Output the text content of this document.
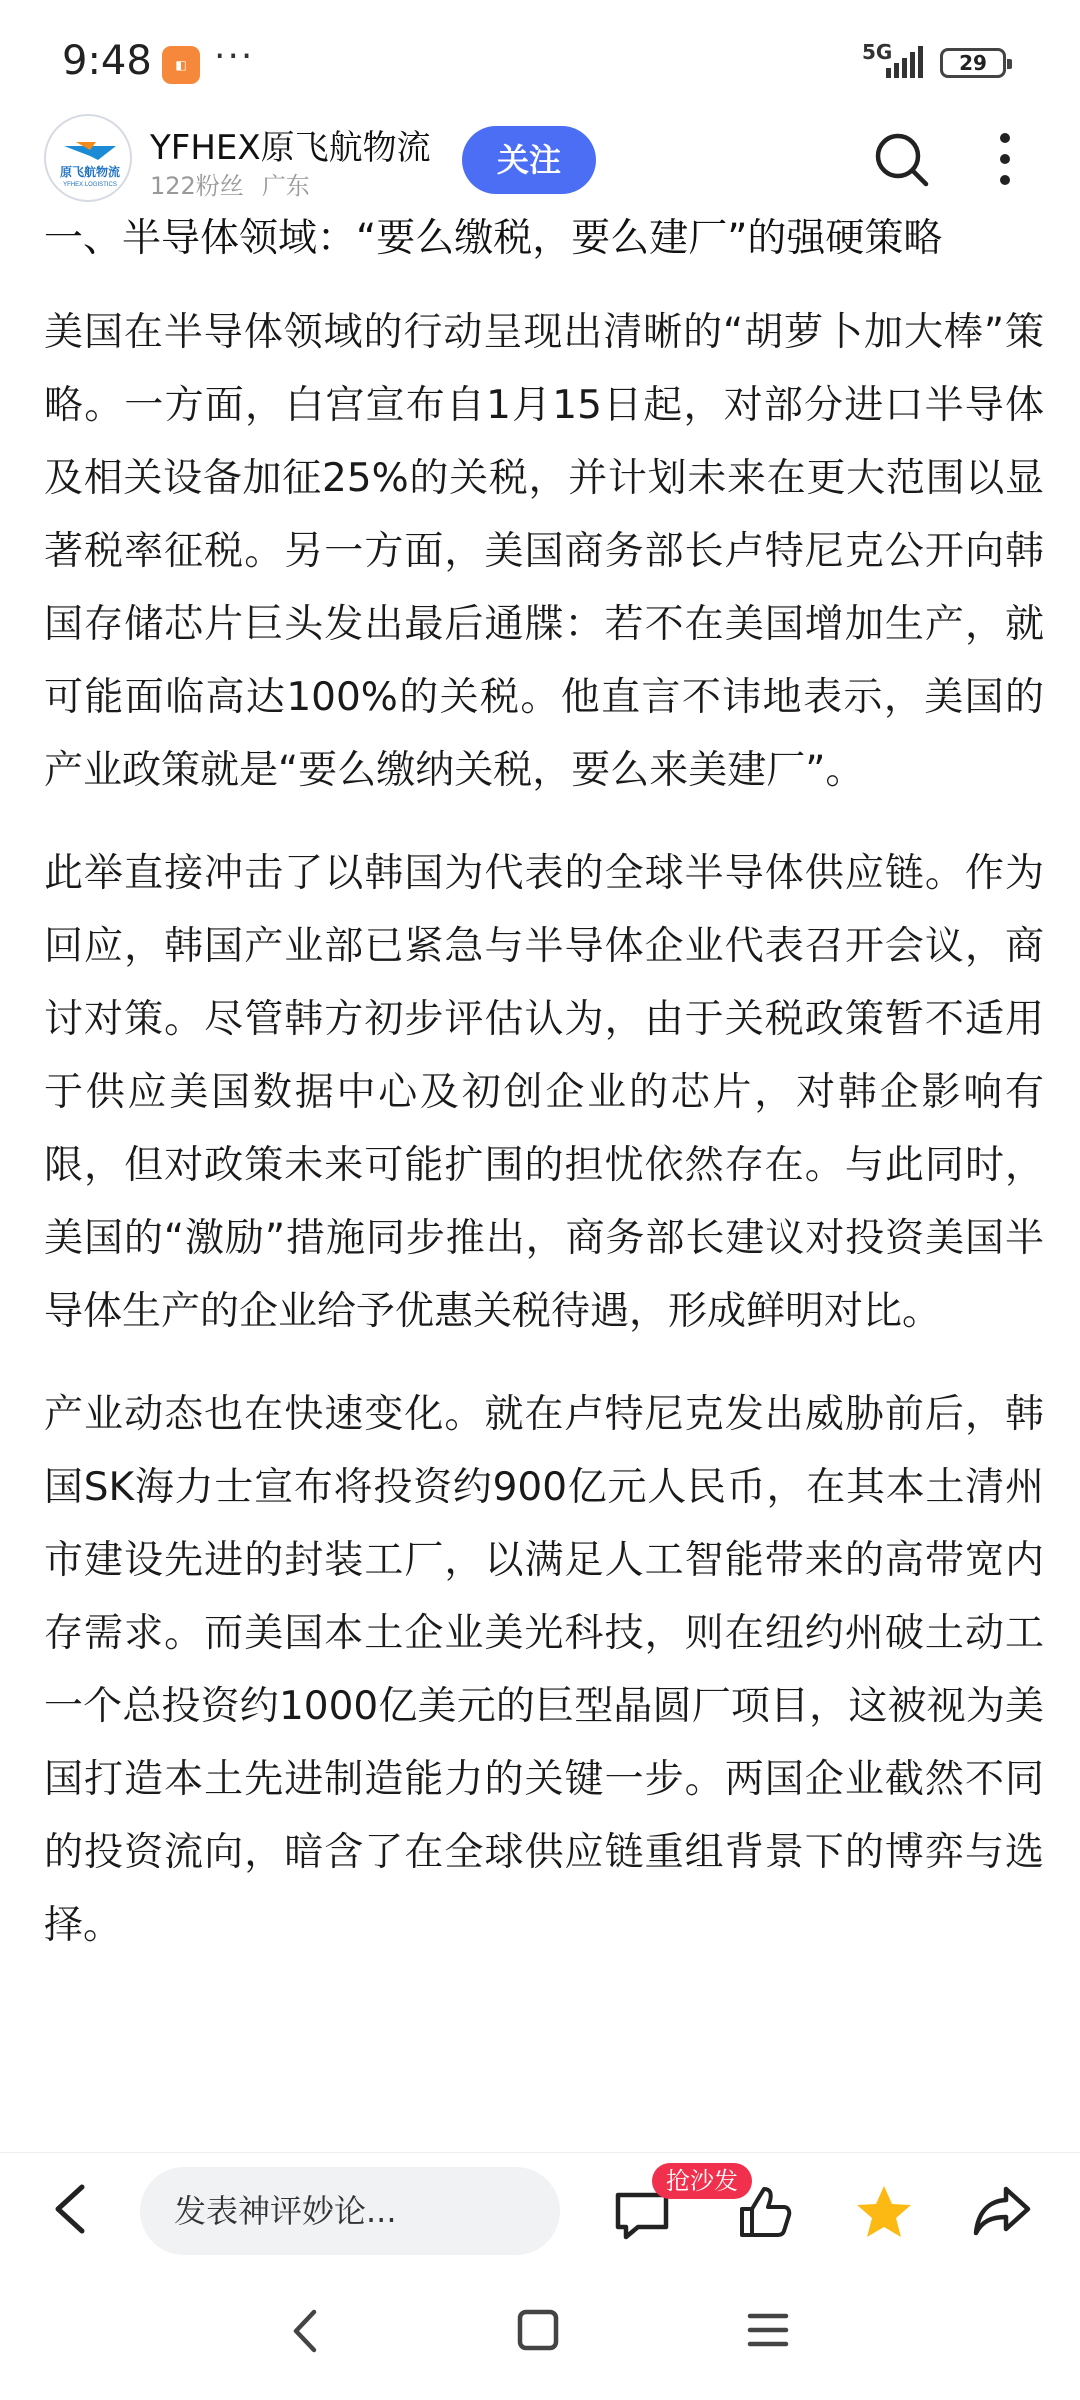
9:48	◧ ···	5G	29
原飞航物流
YFHEX LOGISTICS
YFHEX原飞航物流
122粉丝 广东
关注
一、半导体领域：“要么缴税，要么建厂”的强硬策略

美国在半导体领域的行动呈现出清晰的“胡萝卜加大棒”策略。一方面，白宫宣布自1月15日起，对部分进口半导体及相关设备加征25%的关税，并计划未来在更大范围以显著税率征税。另一方面，美国商务部长卢特尼克公开向韩国存储芯片巨头发出最后通牒：若不在美国增加生产，就可能面临高达100%的关税。他直言不讳地表示，美国的产业政策就是“要么缴纳关税，要么来美建厂”。

此举直接冲击了以韩国为代表的全球半导体供应链。作为回应，韩国产业部已紧急与半导体企业代表召开会议，商讨对策。尽管韩方初步评估认为，由于关税政策暂不适用于供应美国数据中心及初创企业的芯片，对韩企影响有限，但对政策未来可能扩围的担忧依然存在。与此同时，美国的“激励”措施同步推出，商务部长建议对投资美国半导体生产的企业给予优惠关税待遇，形成鲜明对比。

产业动态也在快速变化。就在卢特尼克发出威胁前后，韩国SK海力士宣布将投资约900亿元人民币，在其本土清州市建设先进的封装工厂，以满足人工智能带来的高带宽内存需求。而美国本土企业美光科技，则在纽约州破土动工一个总投资约1000亿美元的巨型晶圆厂项目，这被视为美国打造本土先进制造能力的关键一步。两国企业截然不同的投资流向，暗含了在全球供应链重组背景下的博弈与选择。

发表神评妙论...
抢沙发
